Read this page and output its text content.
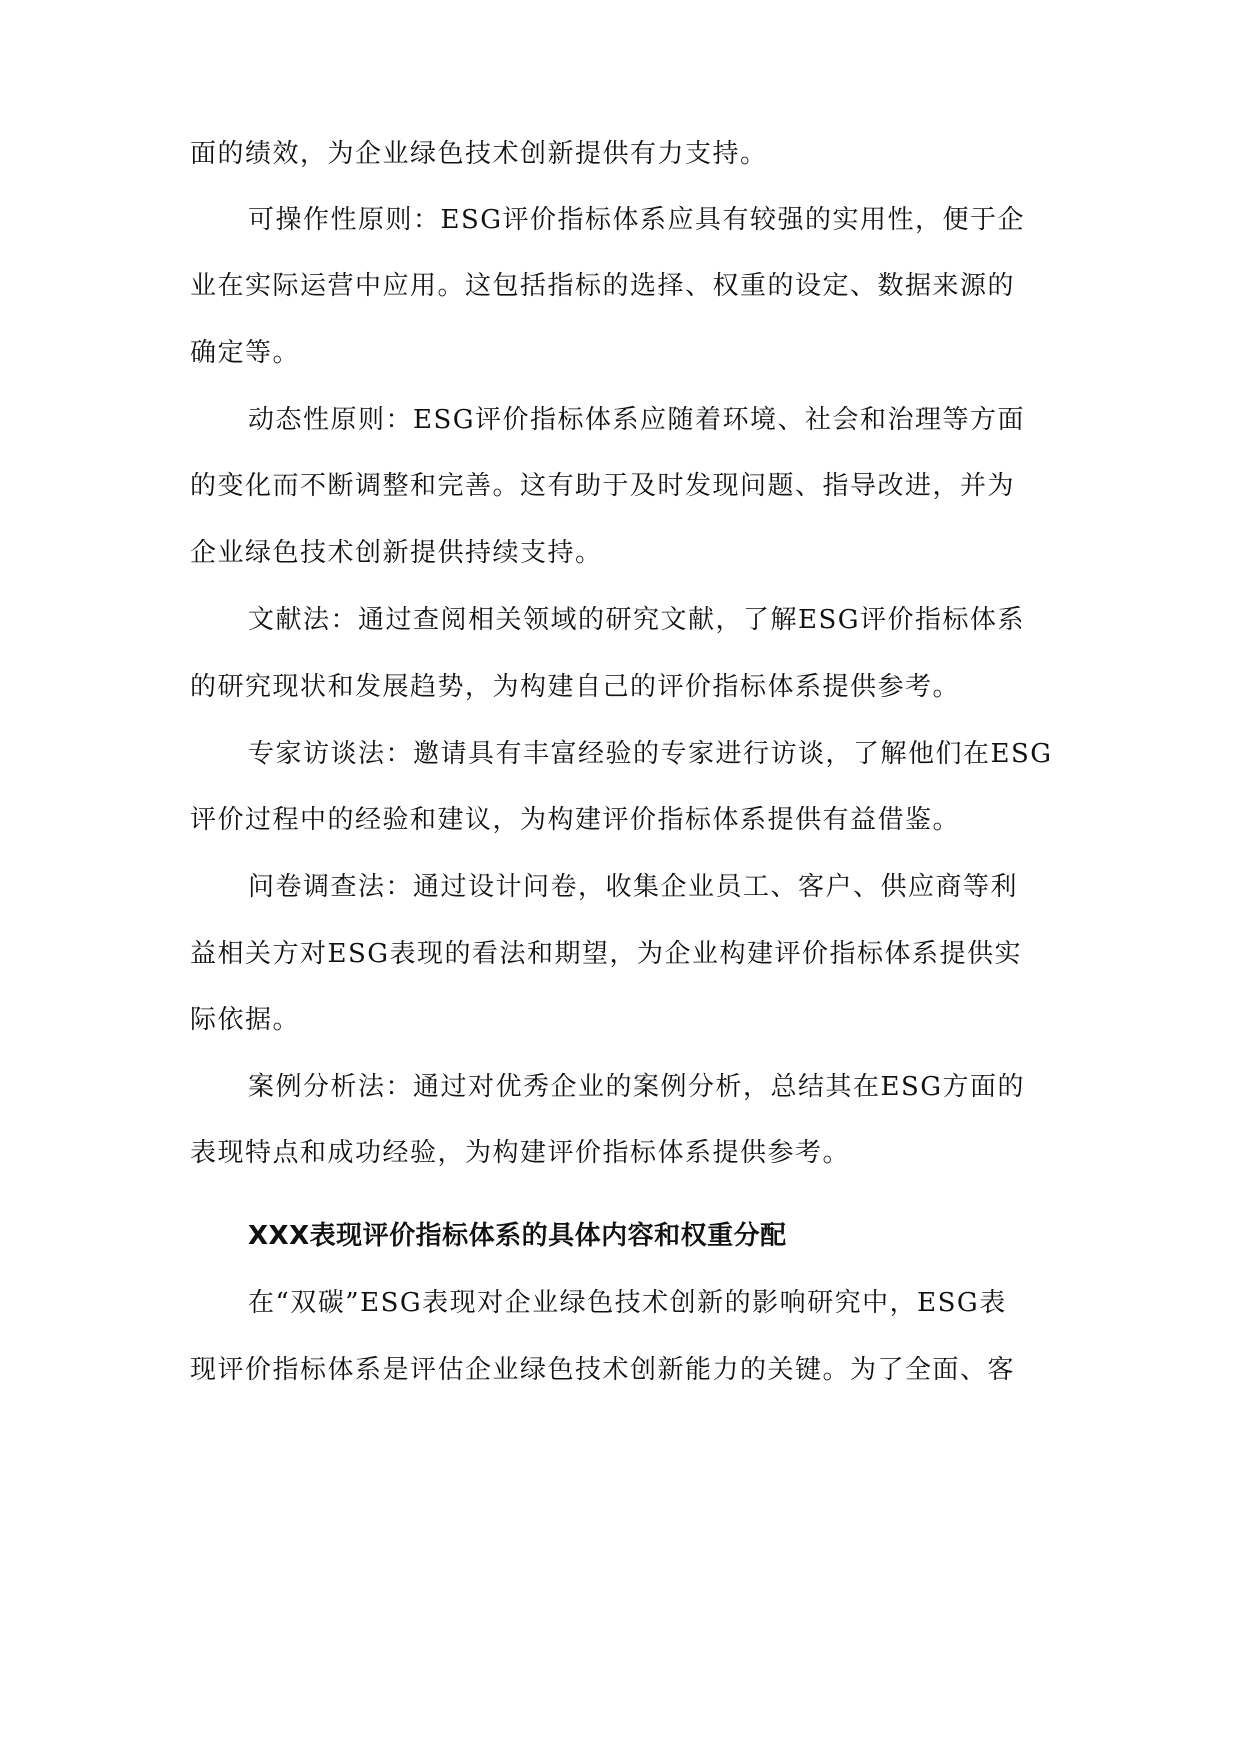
面的绩效，为企业绿色技术创新提供有力支持。
可操作性原则：ESG评价指标体系应具有较强的实用性，便于企
业在实际运营中应用。这包括指标的选择、权重的设定、数据来源的
确定等。
动态性原则：ESG评价指标体系应随着环境、社会和治理等方面
的变化而不断调整和完善。这有助于及时发现问题、指导改进，并为
企业绿色技术创新提供持续支持。
文献法：通过查阅相关领域的研究文献，了解ESG评价指标体系
的研究现状和发展趋势，为构建自己的评价指标体系提供参考。
专家访谈法：邀请具有丰富经验的专家进行访谈，了解他们在ESG
评价过程中的经验和建议，为构建评价指标体系提供有益借鉴。
问卷调查法：通过设计问卷，收集企业员工、客户、供应商等利
益相关方对ESG表现的看法和期望，为企业构建评价指标体系提供实
际依据。
案例分析法：通过对优秀企业的案例分析，总结其在ESG方面的
表现特点和成功经验，为构建评价指标体系提供参考。
XXX表现评价指标体系的具体内容和权重分配
在“双碳”ESG表现对企业绿色技术创新的影响研究中，ESG表
现评价指标体系是评估企业绿色技术创新能力的关键。为了全面、客
